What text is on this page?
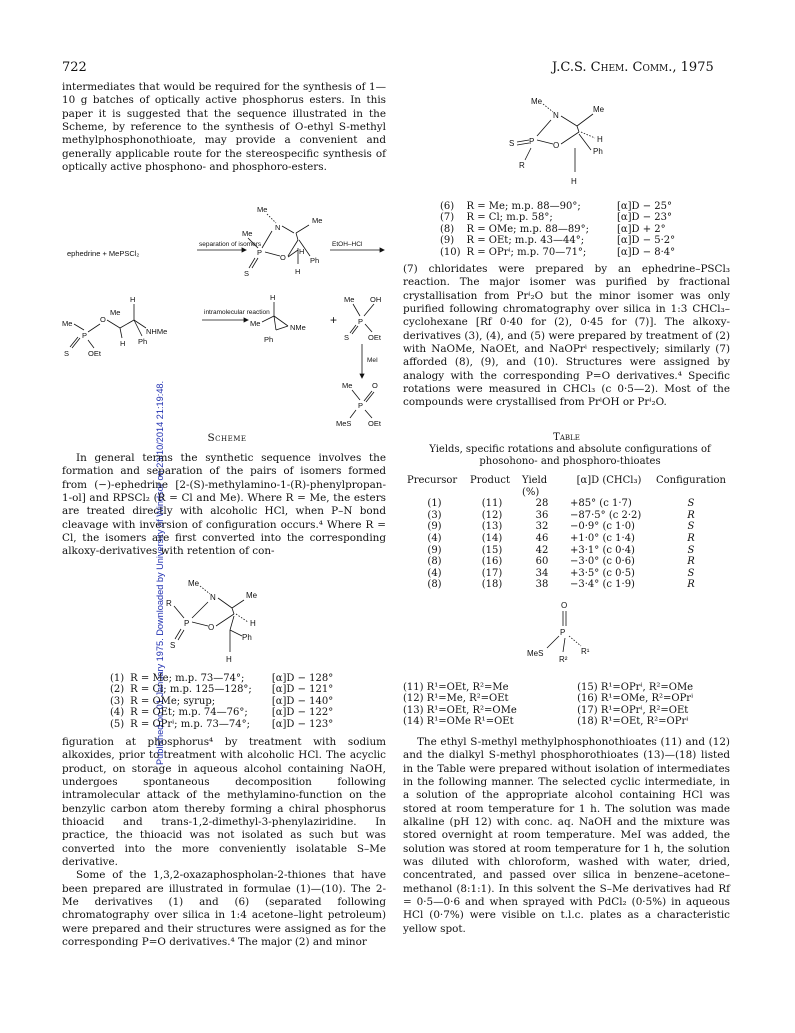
722	J.C.S. Chem. Comm., 1975
Published on 01 January 1975. Downloaded by University of Windsor on 23/10/2014 21:19:48.

intermediates that would be required for the synthesis of 1—10 g batches of optically active phosphorus esters. In this paper it is suggested that the sequence illustrated in the Scheme, by reference to the synthesis of O-ethyl S-methyl methylphosphonothioate, may provide a convenient and generally applicable route for the stereospecific synthesis of optically active phosphono- and phosphoro-esters.

ephedrine + MePSCl₂
separation of isomers
Me
N
Me
Me
P
O
H
Ph
H
S
EtOH–HCl
Me
P
O
NHMe
Me
H
H
Ph
S	OEt
intramolecular reaction
Me	NMe
H
Ph
+
Me OH
P
S	OEt
MeI
Me
P
O
MeS OEt
Scheme

In general terms the synthetic sequence involves the formation and separation of the pairs of isomers formed from (−)-ephedrine [2-(S)-methylamino-1-(R)-phenylpropan-1-ol] and RPSCl₂ (R = Cl and Me). Where R = Me, the esters are treated directly with alcoholic HCl, when P–N bond cleavage with inversion of configuration occurs.⁴ Where R = Cl, the isomers are first converted into the corresponding alkoxy-derivatives with retention of con-

Me
N	Me
R
P O	H
Ph
H
S
(1)	R = Me; m.p. 73—74°;	[α]D − 128°
(2)	R = Cl; m.p. 125—128°;	[α]D − 121°
(3)	R = OMe; syrup;	[α]D − 140°
(4)	R = OEt; m.p. 74—76°;	[α]D − 122°
(5)	R = OPrⁱ; m.p. 73—74°;	[α]D − 123°

figuration at phosphorus⁴ by treatment with sodium alkoxides, prior to treatment with alcoholic HCl. The acyclic product, on storage in aqueous alcohol containing NaOH, undergoes spontaneous decomposition following intramolecular attack of the methylamino-function on the benzylic carbon atom thereby forming a chiral phosphorus thioacid and trans-1,2-dimethyl-3-phenylaziridine. In practice, the thioacid was not isolated as such but was converted into the more conveniently isolatable S–Me derivative.

Some of the 1,3,2-oxazaphospholan-2-thiones that have been prepared are illustrated in formulae (1)—(10). The 2-Me derivatives (1) and (6) (separated following chromatography over silica in 1:4 acetone–light petroleum) were prepared and their structures were assigned as for the corresponding P=O derivatives.⁴ The major (2) and minor

Me
N
Me
S P O
H
Ph
H
R
(6)	R = Me; m.p. 88—90°;	[α]D − 25°
(7)	R = Cl; m.p. 58°;	[α]D − 23°
(8)	R = OMe; m.p. 88—89°;	[α]D + 2°
(9)	R = OEt; m.p. 43—44°;	[α]D − 5·2°
(10)	R = OPrⁱ; m.p. 70—71°;	[α]D − 8·4°

(7) chloridates were prepared by an ephedrine–PSCl₃ reaction. The major isomer was purified by fractional crystallisation from Prⁱ₂O but the minor isomer was only purified following chromatography over silica in 1:3 CHCl₃–cyclohexane [Rf 0·40 for (2), 0·45 for (7)]. The alkoxy-derivatives (3), (4), and (5) were prepared by treatment of (2) with NaOMe, NaOEt, and NaOPrⁱ respectively; similarly (7) afforded (8), (9), and (10). Structures were assigned by analogy with the corresponding P=O derivatives.⁴ Specific rotations were measured in CHCl₃ (c 0·5—2). Most of the compounds were crystallised from PrⁱOH or Prⁱ₂O.

Table
Yields, specific rotations and absolute configurations of phosohono- and phosphoro-thioates
Precursor	Product	Yield (%)	[α]D (CHCl₃)	Configuration
(1)	(11)	28	+85° (c 1·7)	S
(3)	(12)	36	−87·5° (c 2·2)	R
(9)	(13)	32	−0·9° (c 1·0)	S
(4)	(14)	46	+1·0° (c 1·4)	R
(9)	(15)	42	+3·1° (c 0·4)	S
(8)	(16)	60	−3·0° (c 0·6)	R
(4)	(17)	34	+3·5° (c 0·5)	S
(8)	(18)	38	−3·4° (c 1·9)	R
O
P
MeS
R²
R¹
(11) R¹=OEt, R²=Me	(15) R¹=OPrⁱ, R²=OMe
(12) R¹=Me, R²=OEt	(16) R¹=OMe, R²=OPrⁱ
(13) R¹=OEt, R²=OMe	(17) R¹=OPrⁱ, R²=OEt
(14) R¹=OMe R¹=OEt	(18) R¹=OEt, R²=OPrⁱ

The ethyl S-methyl methylphosphonothioates (11) and (12) and the dialkyl S-methyl phosphorothioates (13)—(18) listed in the Table were prepared without isolation of intermediates in the following manner. The selected cyclic intermediate, in a solution of the appropriate alcohol containing HCl was stored at room temperature for 1 h. The solution was made alkaline (pH 12) with conc. aq. NaOH and the mixture was stored overnight at room temperature. MeI was added, the solution was stored at room temperature for 1 h, the solution was diluted with chloroform, washed with water, dried, concentrated, and passed over silica in benzene–acetone–methanol (8:1:1). In this solvent the S–Me derivatives had Rf = 0·5—0·6 and when sprayed with PdCl₂ (0·5%) in aqueous HCl (0·7%) were visible on t.l.c. plates as a characteristic yellow spot.
